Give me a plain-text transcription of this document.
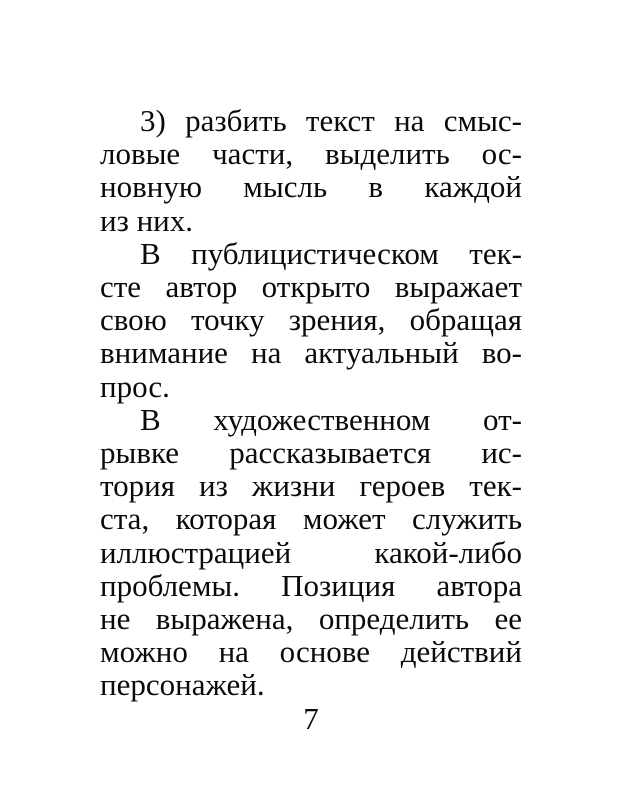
3) разбить текст на смыс-
ловые части, выделить ос-
новную мысль в каждой
из них.
В публицистическом тек-
сте автор открыто выражает
свою точку зрения, обращая
внимание на актуальный во-
прос.
В художественном от-
рывке рассказывается ис-
тория из жизни героев тек-
ста, которая может служить
иллюстрацией какой-либо
проблемы. Позиция автора
не выражена, определить ее
можно на основе действий
персонажей.
7
